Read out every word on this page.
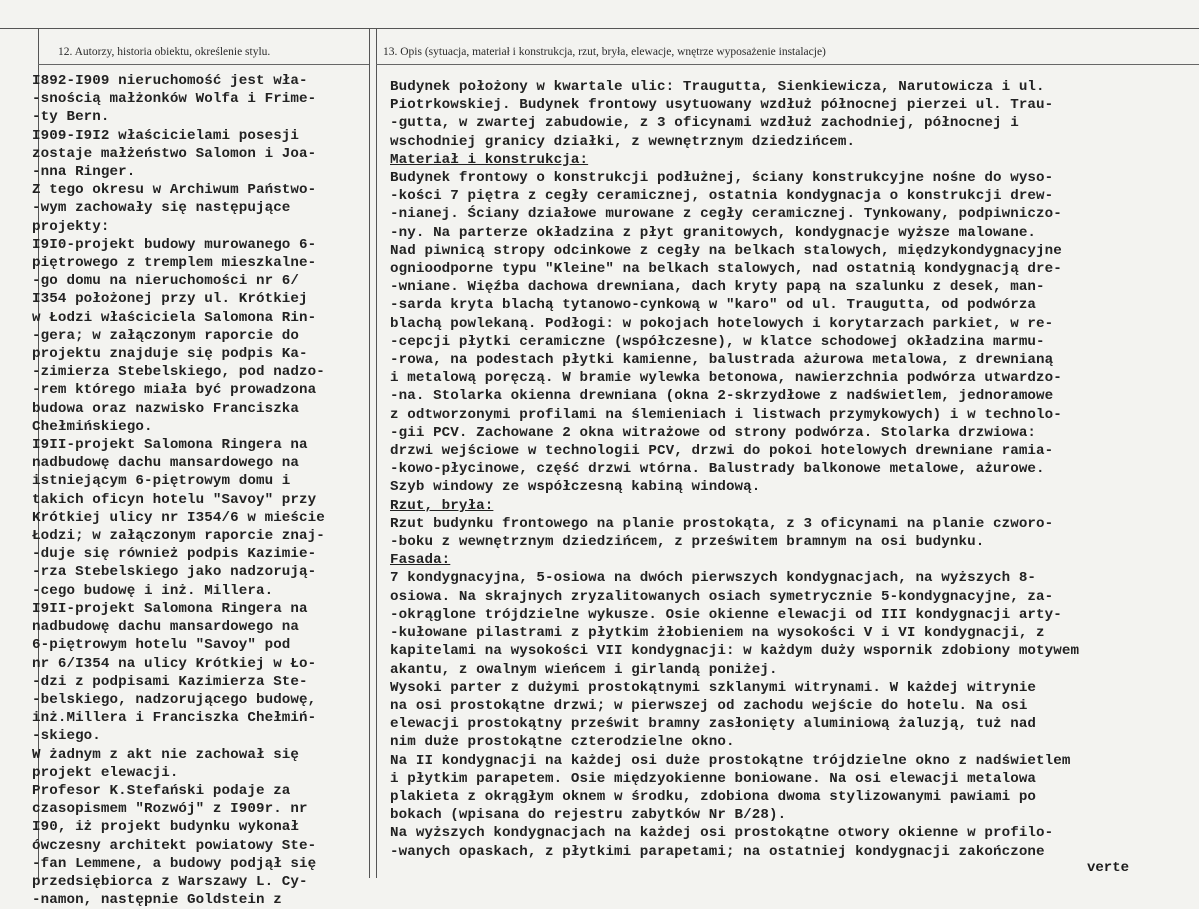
12. Autorzy, historia obiektu, określenie stylu.	13. Opis (sytuacja, materiał i konstrukcja, rzut, bryła, elewacje, wnętrze wyposażenie instalacje)
I892-I909 nieruchomość jest wła-
-snością małżonków Wolfa i Frime-
-ty Bern.
I909-I9I2 właścicielami posesji
zostaje małżeństwo Salomon i Joa-
-nna Ringer.
Z tego okresu w Archiwum Państwo-
-wym zachowały się następujące
projekty:
I9I0-projekt budowy murowanego 6-
piętrowego z tremplem mieszkalne-
-go domu na nieruchomości nr 6/
I354 położonej przy ul. Krótkiej
w Łodzi właściciela Salomona Rin-
-gera; w załączonym raporcie do
projektu znajduje się podpis Ka-
-zimierza Stebelskiego, pod nadzo-
-rem którego miała być prowadzona
budowa oraz nazwisko Franciszka
Chełmińskiego.
I9II-projekt Salomona Ringera na
nadbudowę dachu mansardowego na
istniejącym 6-piętrowym domu i
takich oficyn hotelu "Savoy" przy
Krótkiej ulicy nr I354/6 w mieście
Łodzi; w załączonym raporcie znaj-
-duje się również podpis Kazimie-
-rza Stebelskiego jako nadzorują-
-cego budowę i inż. Millera.
I9II-projekt Salomona Ringera na
nadbudowę dachu mansardowego na
6-piętrowym hotelu "Savoy" pod
nr 6/I354 na ulicy Krótkiej w Ło-
-dzi z podpisami Kazimierza Ste-
-belskiego, nadzorującego budowę,
inż.Millera i Franciszka Chełmiń-
-skiego.
W żadnym z akt nie zachował się
projekt elewacji.
Profesor K.Stefański podaje za
czasopismem "Rozwój" z I909r. nr
I90, iż projekt budynku wykonał
ówczesny architekt powiatowy Ste-
-fan Lemmene, a budowy podjął się
przedsiębiorca z Warszawy L. Cy-
-namon, następnie Goldstein z
Budynek położony w kwartale ulic: Traugutta, Sienkiewicza, Narutowicza i ul.
Piotrkowskiej. Budynek frontowy usytuowany wzdłuż północnej pierzei ul. Trau-
-gutta, w zwartej zabudowie, z 3 oficynami wzdłuż zachodniej, północnej i
wschodniej granicy działki, z wewnętrznym dziedzińcem.
Materiał i konstrukcja:
Budynek frontowy o konstrukcji podłużnej, ściany konstrukcyjne nośne do wyso-
-kości 7 piętra z cegły ceramicznej, ostatnia kondygnacja o konstrukcji drew-
-nianej. Ściany działowe murowane z cegły ceramicznej. Tynkowany, podpiwniczo-
-ny. Na parterze okładzina z płyt granitowych, kondygnacje wyższe malowane.
Nad piwnicą stropy odcinkowe z cegły na belkach stalowych, międzykondygnacyjne
ognioodporne typu "Kleine" na belkach stalowych, nad ostatnią kondygnacją dre-
-wniane. Więźba dachowa drewniana, dach kryty papą na szalunku z desek, man-
-sarda kryta blachą tytanowo-cynkową w "karo" od ul. Traugutta, od podwórza
blachą powlekaną. Podłogi: w pokojach hotelowych i korytarzach parkiet, w re-
-cepcji płytki ceramiczne (współczesne), w klatce schodowej okładzina marmu-
-rowa, na podestach płytki kamienne, balustrada ażurowa metalowa, z drewnianą
i metalową poręczą. W bramie wylewka betonowa, nawierzchnia podwórza utwardzo-
-na. Stolarka okienna drewniana (okna 2-skrzydłowe z nadświetlem, jednoramowe
z odtworzonymi profilami na ślemieniach i listwach przymykowych) i w technolo-
-gii PCV. Zachowane 2 okna witrażowe od strony podwórza. Stolarka drzwiowa:
drzwi wejściowe w technologii PCV, drzwi do pokoi hotelowych drewniane ramia-
-kowo-płycinowe, część drzwi wtórna. Balustrady balkonowe metalowe, ażurowe.
Szyb windowy ze współczesną kabiną windową.
Rzut, bryła:
Rzut budynku frontowego na planie prostokąta, z 3 oficynami na planie czworo-
-boku z wewnętrznym dziedzińcem, z prześwitem bramnym na osi budynku.
Fasada:
7 kondygnacyjna, 5-osiowa na dwóch pierwszych kondygnacjach, na wyższych 8-
osiowa. Na skrajnych zryzalitowanych osiach symetrycznie 5-kondygnacyjne, za-
-okrąglone trójdzielne wykusze. Osie okienne elewacji od III kondygnacji arty-
-kułowane pilastrami z płytkim żłobieniem na wysokości V i VI kondygnacji, z
kapitelami na wysokości VII kondygnacji: w każdym duży wspornik zdobiony motywem
akantu, z owalnym wieńcem i girlandą poniżej.
Wysoki parter z dużymi prostokątnymi szklanymi witrynami. W każdej witrynie
na osi prostokątne drzwi; w pierwszej od zachodu wejście do hotelu. Na osi
elewacji prostokątny prześwit bramny zasłonięty aluminiową żaluzją, tuż nad
nim duże prostokątne czterodzielne okno.
Na II kondygnacji na każdej osi duże prostokątne trójdzielne okno z nadświetlem
i płytkim parapetem. Osie międzyokienne boniowane. Na osi elewacji metalowa
plakieta z okrągłym oknem w środku, zdobiona dwoma stylizowanymi pawiami po
bokach (wpisana do rejestru zabytków Nr B/28).
Na wyższych kondygnacjach na każdej osi prostokątne otwory okienne w profilo-
-wanych opaskach, z płytkimi parapetami; na ostatniej kondygnacji zakończone
verte
